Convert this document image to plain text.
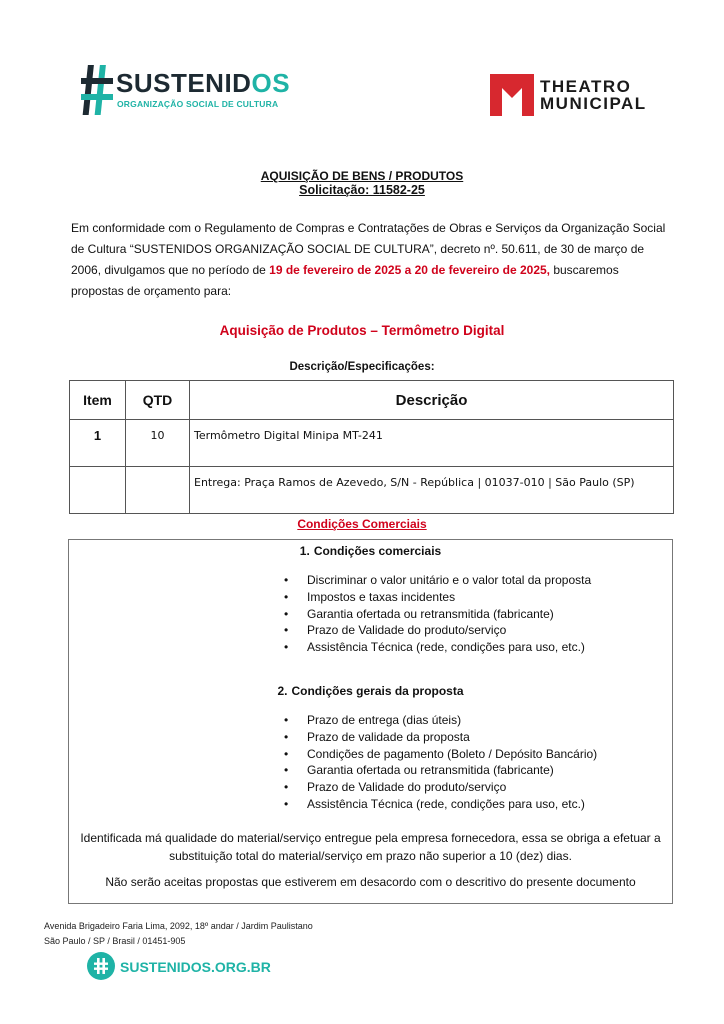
SUSTENIDOS
ORGANIZAÇÃO SOCIAL DE CULTURA
THEATRO
MUNICIPAL
AQUISIÇÃO DE BENS / PRODUTOS
Solicitação: 11582-25
Em conformidade com o Regulamento de Compras e Contratações de Obras e Serviços da Organização Social de Cultura “SUSTENIDOS ORGANIZAÇÃO SOCIAL DE CULTURA”, decreto nº. 50.611, de 30 de março de 2006, divulgamos que no período de 19 de fevereiro de 2025 a 20 de fevereiro de 2025, buscaremos propostas de orçamento para:
Aquisição de Produtos – Termômetro Digital
Descrição/Especificações:
Item	QTD	Descrição
1	10	Termômetro Digital Minipa MT-241
		Entrega: Praça Ramos de Azevedo, S/N - República | 01037-010 | São Paulo (SP)
Condições Comerciais
1. Condições comerciais
• Discriminar o valor unitário e o valor total da proposta
• Impostos e taxas incidentes
• Garantia ofertada ou retransmitida (fabricante)
• Prazo de Validade do produto/serviço
• Assistência Técnica (rede, condições para uso, etc.)
2. Condições gerais da proposta
• Prazo de entrega (dias úteis)
• Prazo de validade da proposta
• Condições de pagamento (Boleto / Depósito Bancário)
• Garantia ofertada ou retransmitida (fabricante)
• Prazo de Validade do produto/serviço
• Assistência Técnica (rede, condições para uso, etc.)
Identificada má qualidade do material/serviço entregue pela empresa fornecedora, essa se obriga a efetuar a
substituição total do material/serviço em prazo não superior a 10 (dez) dias.
Não serão aceitas propostas que estiverem em desacordo com o descritivo do presente documento
Avenida Brigadeiro Faria Lima, 2092, 18º andar / Jardim Paulistano
São Paulo / SP / Brasil / 01451-905
SUSTENIDOS.ORG.BR
